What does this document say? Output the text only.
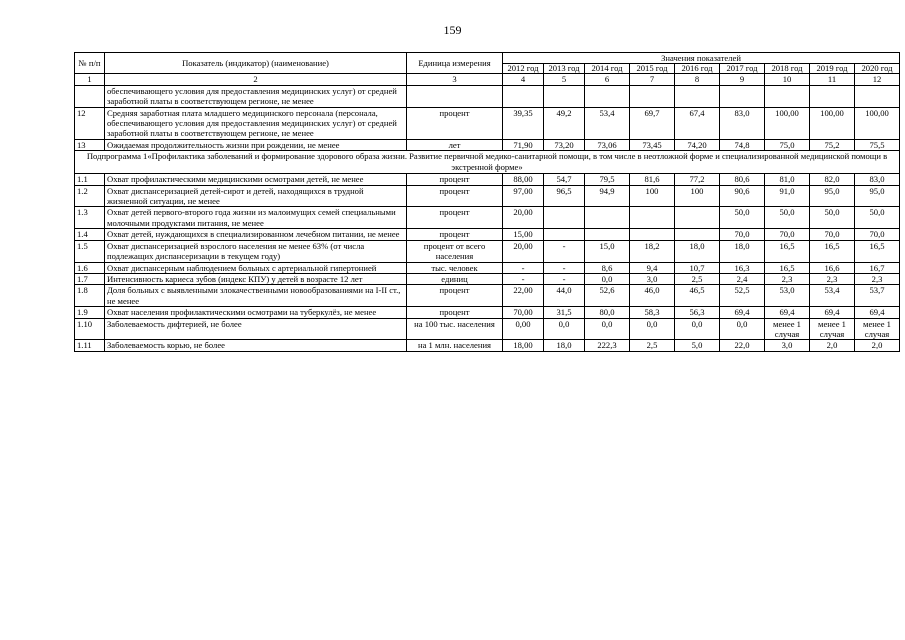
159
№ п/п	Показатель (индикатор) (наименование)	Единица измерения	Значения показателей								
			2012 год	2013 год	2014 год	2015 год	2016 год	2017 год	2018 год	2019 год	2020 год
1	2	3	4	5	6	7	8	9	10	11	12
	обеспечивающего условия для предоставления медицинских услуг) от средней заработной платы в соответствующем регионе, не менее										
12	Средняя заработная плата младшего медицинского персонала (персонала, обеспечивающего условия для предоставления медицинских услуг) от средней заработной платы в соответствующем регионе, не менее	процент	39,35	49,2	53,4	69,7	67,4	83,0	100,00	100,00	100,00
13	Ожидаемая продолжительность жизни при рождении, не менее	лет	71,90	73,20	73,06	73,45	74,20	74,8	75,0	75,2	75,5
Подпрограмма 1«Профилактика заболеваний и формирование здорового образа жизни. Развитие первичной медико-санитарной помощи, в том числе в неотложной форме и специализированной медицинской помощи в экстренной форме»											
1.1	Охват профилактическими медицинскими осмотрами детей, не менее	процент	88,00	54,7	79,5	81,6	77,2	80,6	81,0	82,0	83,0
1.2	Охват диспансеризацией детей-сирот и детей, находящихся в трудной жизненной ситуации, не менее	процент	97,00	96,5	94,9	100	100	90,6	91,0	95,0	95,0
1.3	Охват детей первого-второго года жизни из малоимущих семей специальными молочными продуктами питания, не менее	процент	20,00					50,0	50,0	50,0	50,0
1.4	Охват детей, нуждающихся в специализированном лечебном питании, не менее	процент	15,00					70,0	70,0	70,0	70,0
1.5	Охват диспансеризацией взрослого населения не менее 63% (от числа подлежащих диспансеризации в текущем году)	процент от всего населения	20,00	-	15,0	18,2	18,0	18,0	16,5	16,5	16,5
1.6	Охват диспансерным наблюдением больных с артериальной гипертонией	тыс. человек	-	-	8,6	9,4	10,7	16,3	16,5	16,6	16,7
1.7	Интенсивность кариеса зубов (индекс КПУ) у детей в возрасте 12 лет	единиц	-	-	0,0	3,0	2,5	2,4	2,3	2,3	2,3
1.8	Доля больных с выявленными злокачественными новообразованиями на I-II ст., не менее	процент	22,00	44,0	52,6	46,0	46,5	52,5	53,0	53,4	53,7
1.9	Охват населения профилактическими осмотрами на туберкулёз, не менее	процент	70,00	31,5	80,0	58,3	56,3	69,4	69,4	69,4	69,4
1.10	Заболеваемость дифтерией, не более	на 100 тыс. населения	0,00	0,0	0,0	0,0	0,0	0,0	менее 1 случая	менее 1 случая	менее 1 случая
1.11	Заболеваемость корью, не более	на 1 млн. населения	18,00	18,0	222,3	2,5	5,0	22,0	3,0	2,0	2,0
